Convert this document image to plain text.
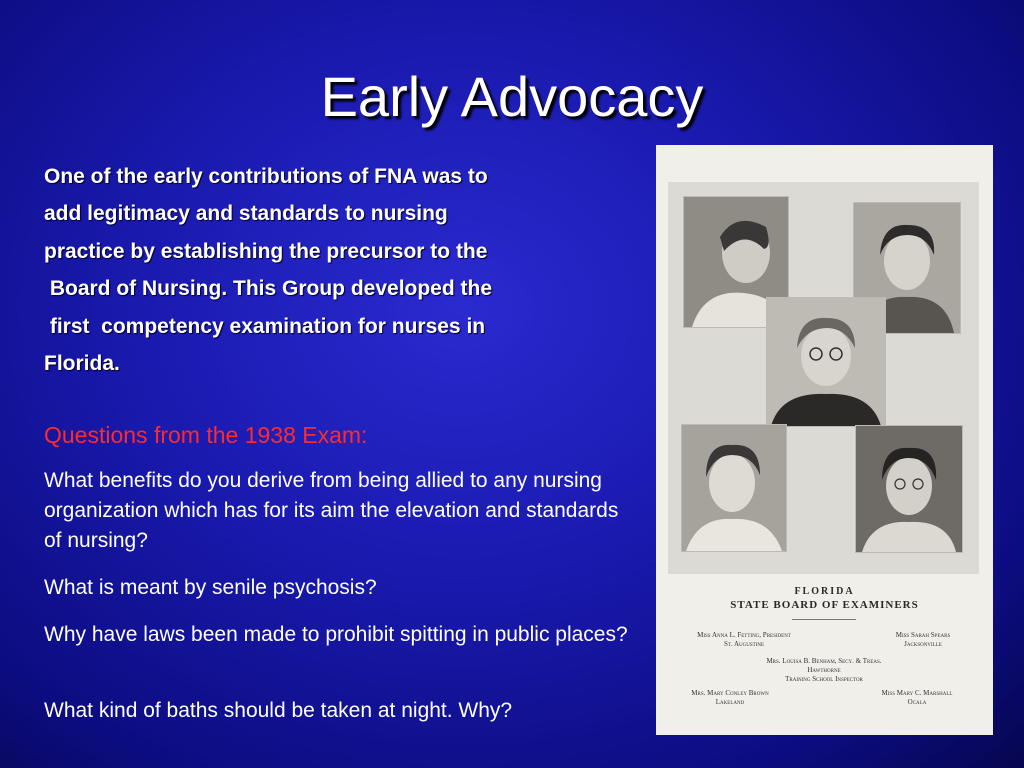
Early Advocacy
One of the early contributions of FNA was to
add legitimacy and standards to nursing
practice by establishing the precursor to the
Board of Nursing. This Group developed the
first  competency examination for nurses in
Florida.
Questions from the 1938 Exam:
What benefits do you derive from being allied to any nursing organization which has for its aim the elevation and standards of nursing?
What is meant by senile psychosis?
Why have laws been made to prohibit spitting in public places?
What kind of baths should be taken at night. Why?
FLORIDA
STATE BOARD OF EXAMINERS
Miss Anna L. Fetting, President
St. Augustine
Miss Sarah Spears
Jacksonville
Mrs. Louisa B. Benham, Secy. & Treas.
Hawthorne
Training School Inspector
Mrs. Mary Conley Brown
Lakeland
Miss Mary C. Marshall
Ocala
